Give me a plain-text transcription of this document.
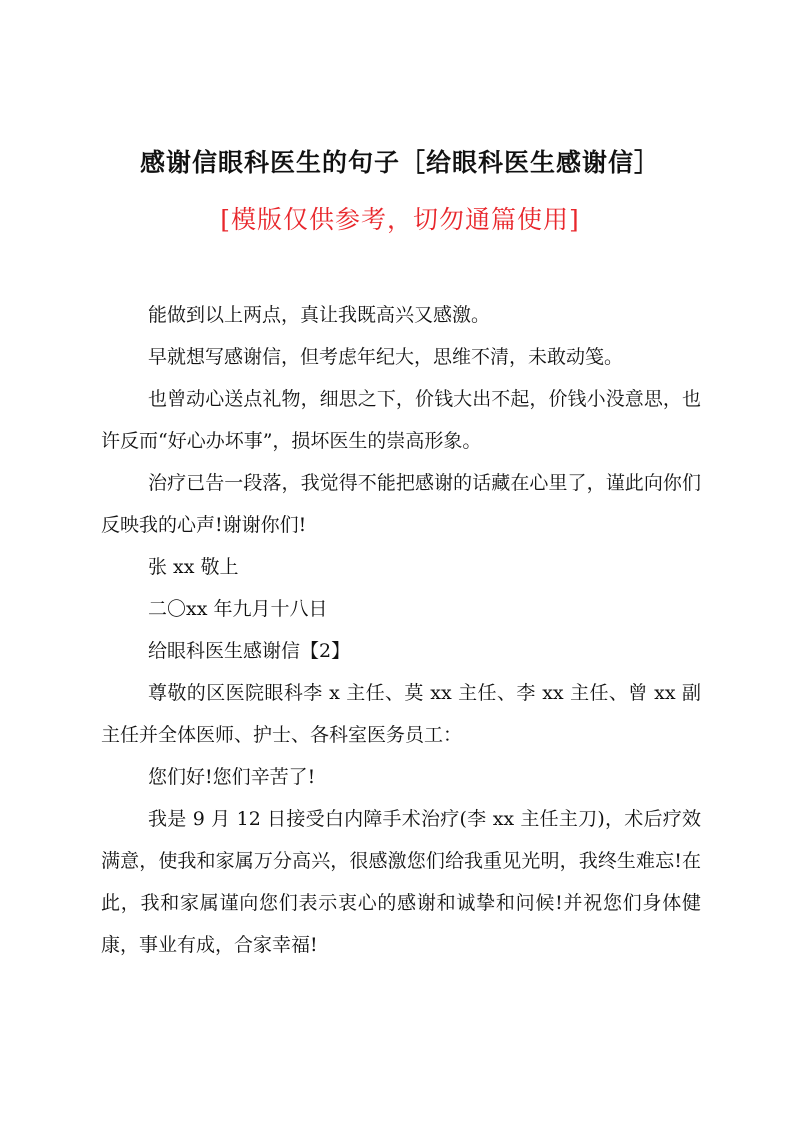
感谢信眼科医生的句子［给眼科医生感谢信］
[模版仅供参考，切勿通篇使用]

能做到以上两点，真让我既高兴又感激。

早就想写感谢信，但考虑年纪大，思维不清，未敢动笺。

也曾动心送点礼物，细思之下，价钱大出不起，价钱小没意思，也许反而“好心办坏事”，损坏医生的崇高形象。

治疗已告一段落，我觉得不能把感谢的话藏在心里了，谨此向你们反映我的心声!谢谢你们!

张 xx 敬上

二〇xx 年九月十八日

给眼科医生感谢信【2】

尊敬的区医院眼科李 x 主任、莫 xx 主任、李 xx 主任、曾 xx 副主任并全体医师、护士、各科室医务员工：

您们好!您们辛苦了!

我是 9 月 12 日接受白内障手术治疗(李 xx 主任主刀)，术后疗效满意，使我和家属万分高兴，很感激您们给我重见光明，我终生难忘!在此，我和家属谨向您们表示衷心的感谢和诚挚和问候!并祝您们身体健康，事业有成，合家幸福!
